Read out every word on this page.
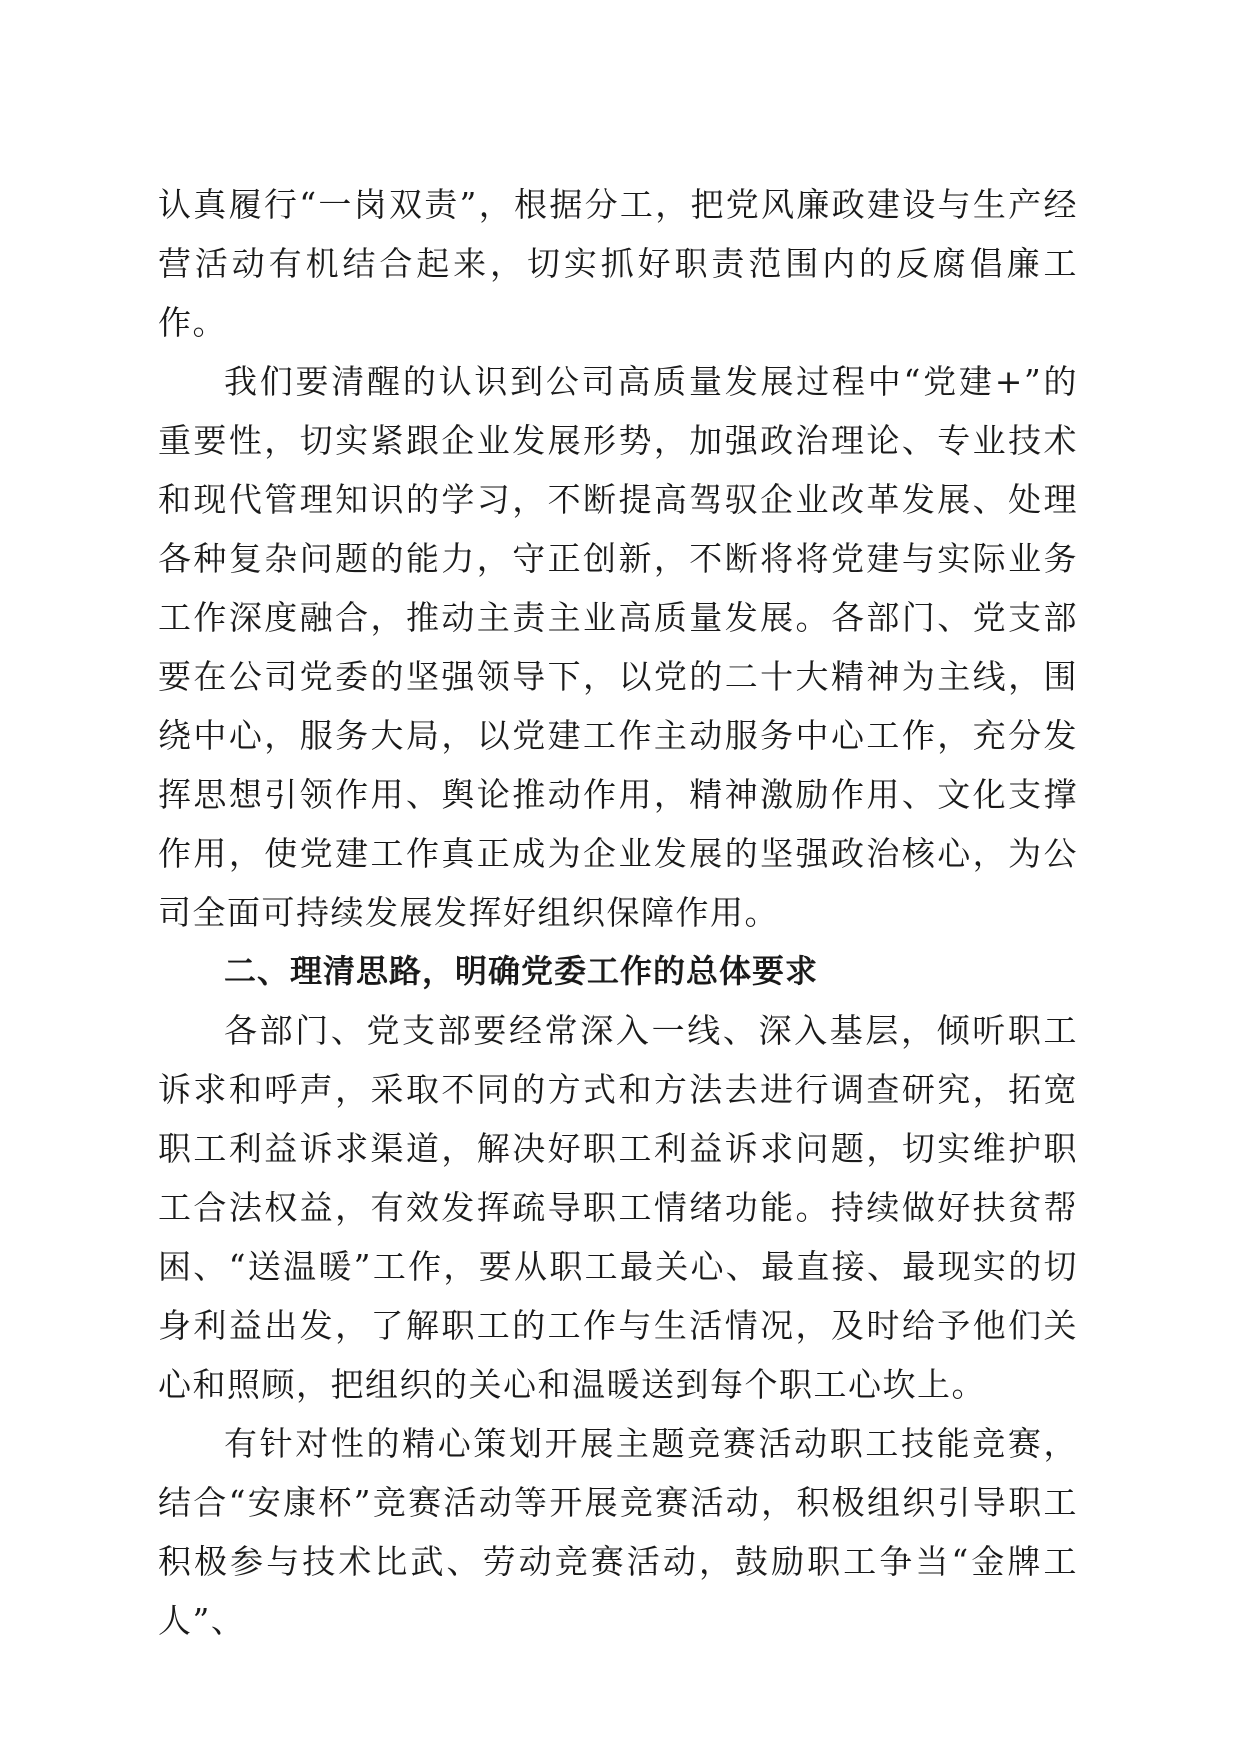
认真履行“一岗双责”，根据分工，把党风廉政建设与生产经营活动有机结合起来，切实抓好职责范围内的反腐倡廉工作。

我们要清醒的认识到公司高质量发展过程中“党建+”的重要性，切实紧跟企业发展形势，加强政治理论、专业技术和现代管理知识的学习，不断提高驾驭企业改革发展、处理各种复杂问题的能力，守正创新，不断将将党建与实际业务工作深度融合，推动主责主业高质量发展。各部门、党支部要在公司党委的坚强领导下，以党的二十大精神为主线，围绕中心，服务大局，以党建工作主动服务中心工作，充分发挥思想引领作用、舆论推动作用，精神激励作用、文化支撑作用，使党建工作真正成为企业发展的坚强政治核心，为公司全面可持续发展发挥好组织保障作用。

二、理清思路，明确党委工作的总体要求

各部门、党支部要经常深入一线、深入基层，倾听职工诉求和呼声，采取不同的方式和方法去进行调查研究，拓宽职工利益诉求渠道，解决好职工利益诉求问题，切实维护职工合法权益，有效发挥疏导职工情绪功能。持续做好扶贫帮困、“送温暖”工作，要从职工最关心、最直接、最现实的切身利益出发，了解职工的工作与生活情况，及时给予他们关心和照顾，把组织的关心和温暖送到每个职工心坎上。

有针对性的精心策划开展主题竞赛活动职工技能竞赛，结合“安康杯”竞赛活动等开展竞赛活动，积极组织引导职工积极参与技术比武、劳动竞赛活动，鼓励职工争当“金牌工人”、
